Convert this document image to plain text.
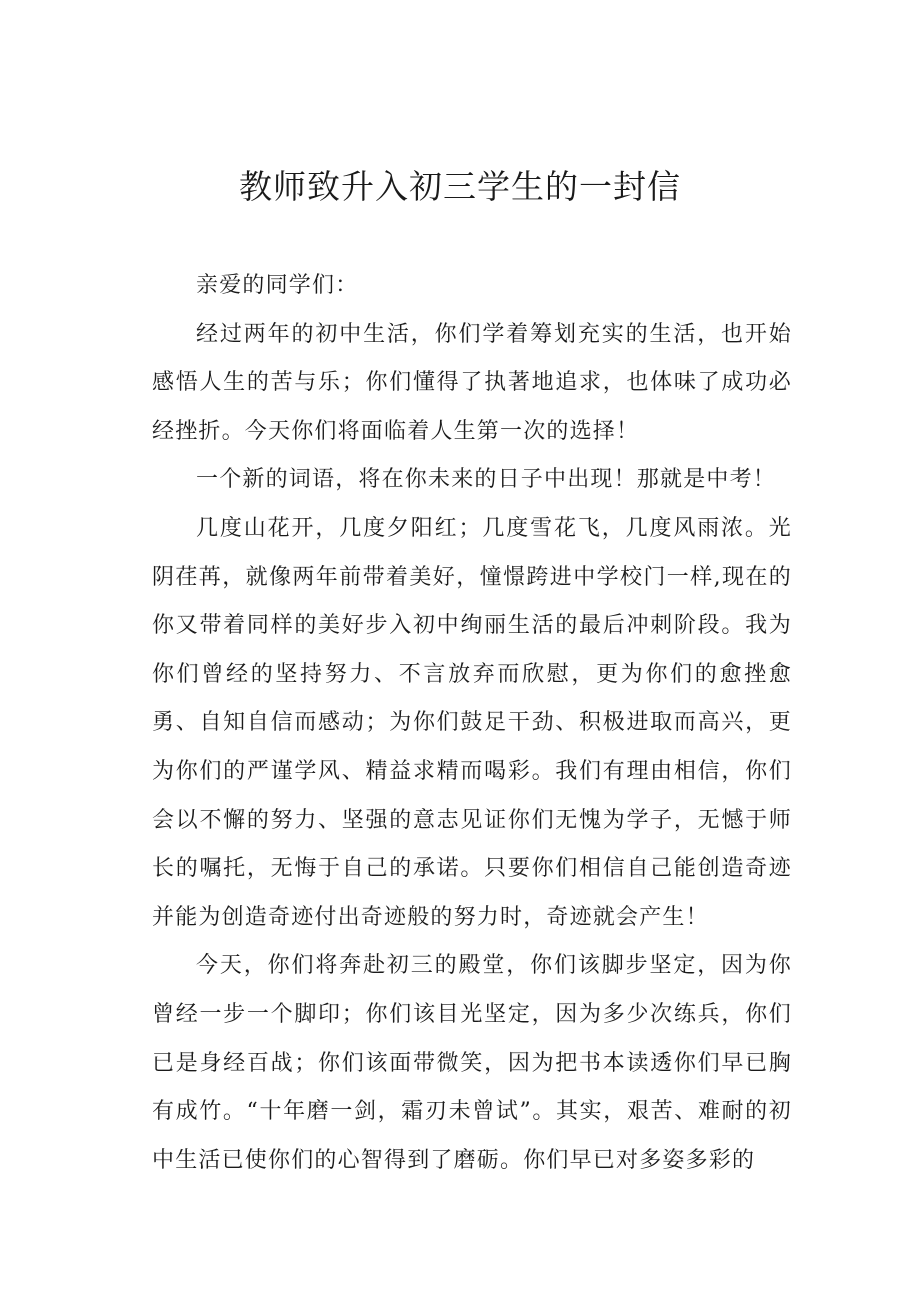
教师致升入初三学生的一封信

亲爱的同学们：

经过两年的初中生活，你们学着筹划充实的生活，也开始感悟人生的苦与乐；你们懂得了执著地追求，也体味了成功必经挫折。今天你们将面临着人生第一次的选择！

一个新的词语，将在你未来的日子中出现！那就是中考！

几度山花开，几度夕阳红；几度雪花飞，几度风雨浓。光阴荏苒，就像两年前带着美好，憧憬跨进中学校门一样,现在的你又带着同样的美好步入初中绚丽生活的最后冲刺阶段。我为你们曾经的坚持努力、不言放弃而欣慰，更为你们的愈挫愈勇、自知自信而感动；为你们鼓足干劲、积极进取而高兴，更为你们的严谨学风、精益求精而喝彩。我们有理由相信，你们会以不懈的努力、坚强的意志见证你们无愧为学子，无憾于师长的嘱托，无悔于自己的承诺。只要你们相信自己能创造奇迹并能为创造奇迹付出奇迹般的努力时，奇迹就会产生！

今天，你们将奔赴初三的殿堂，你们该脚步坚定，因为你曾经一步一个脚印；你们该目光坚定，因为多少次练兵，你们已是身经百战；你们该面带微笑，因为把书本读透你们早已胸有成竹。“十年磨一剑，霜刃未曾试”。其实，艰苦、难耐的初中生活已使你们的心智得到了磨砺。你们早已对多姿多彩的
